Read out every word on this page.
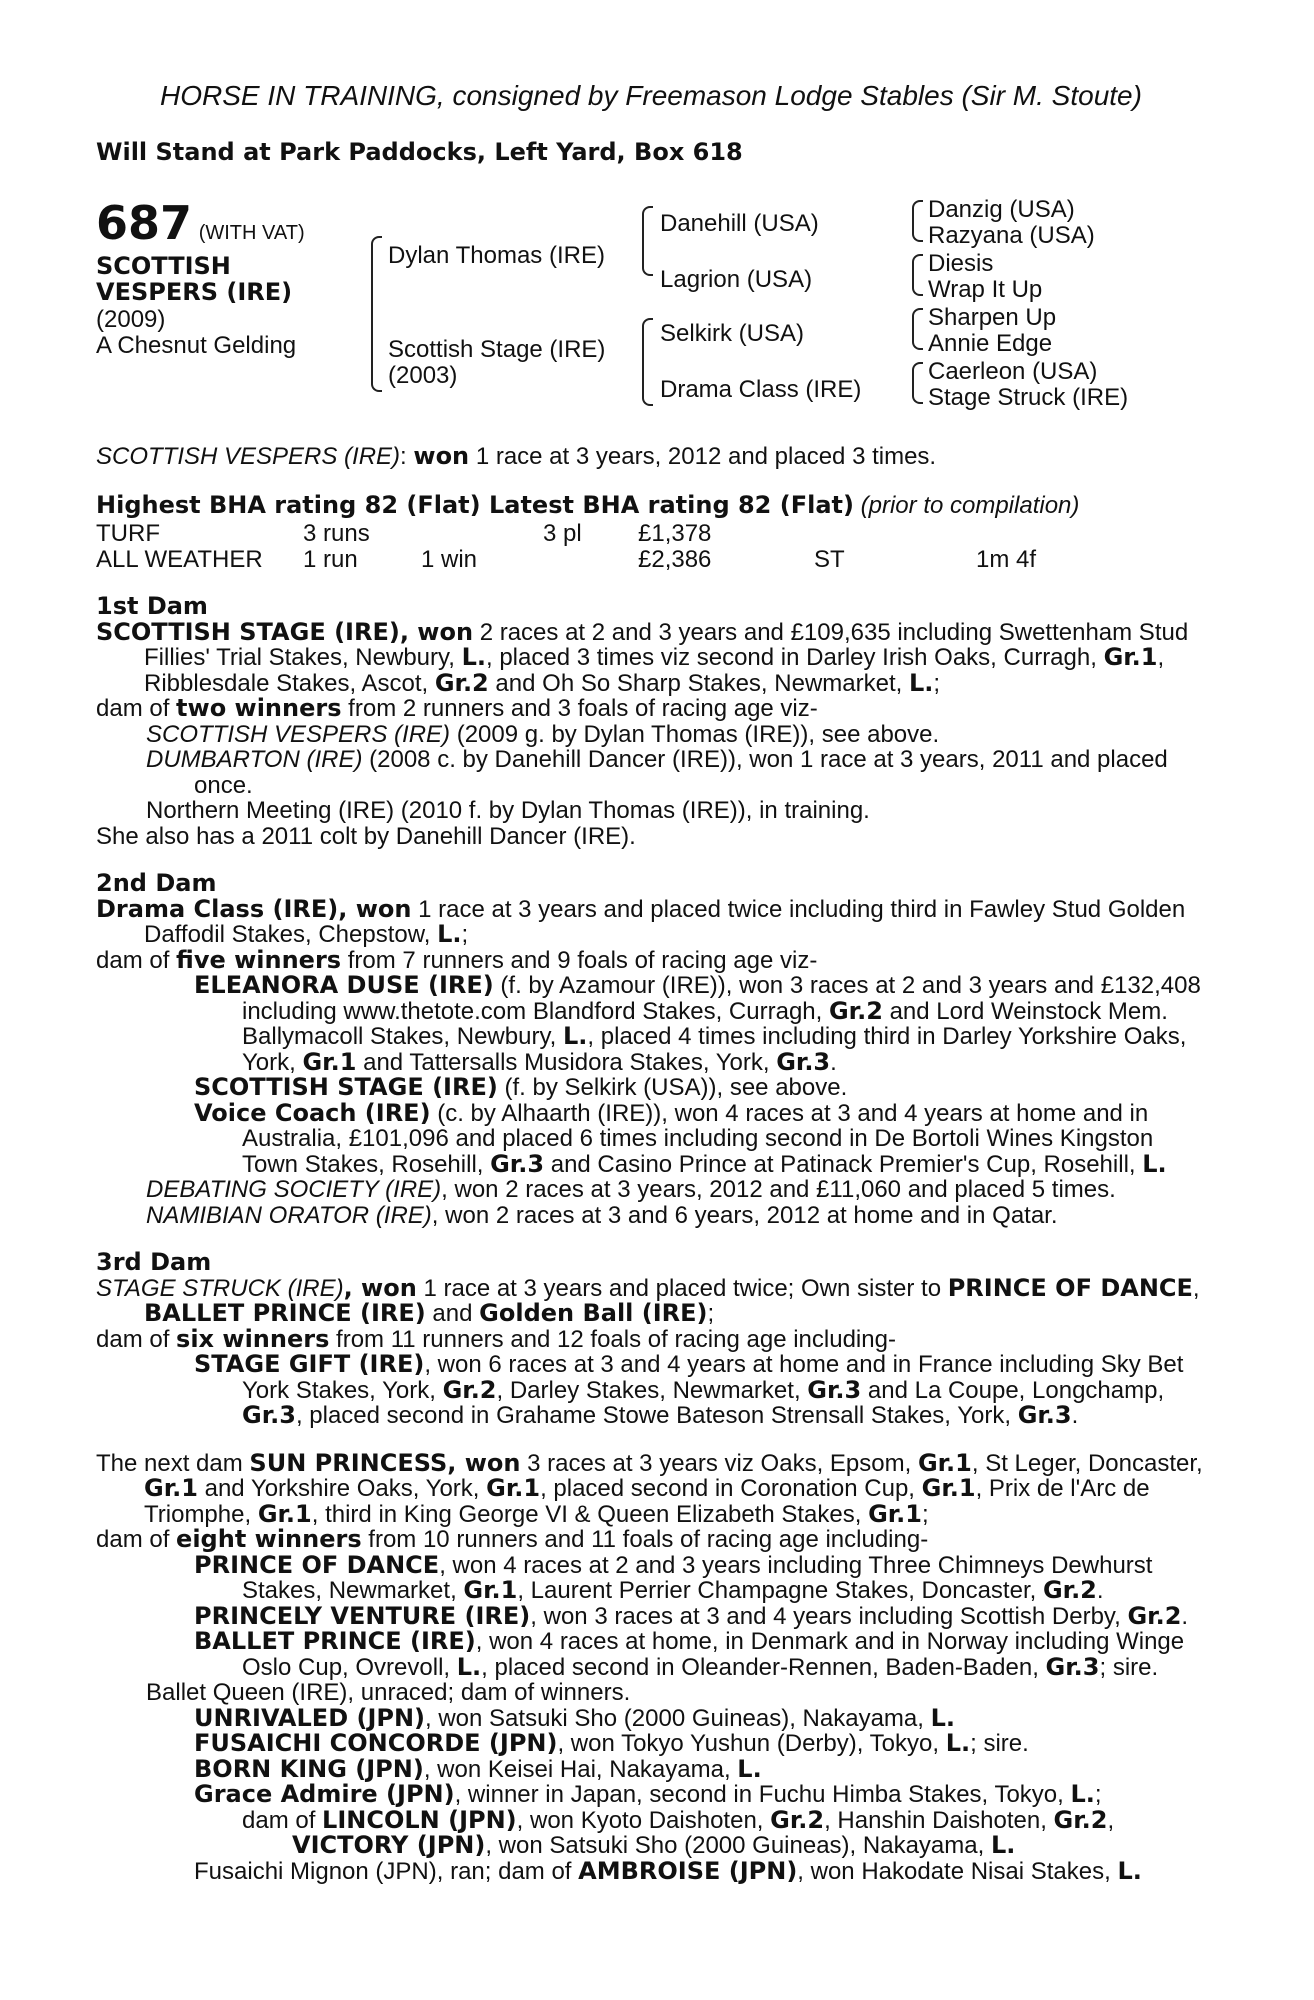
HORSE IN TRAINING, consigned by Freemason Lodge Stables (Sir M. Stoute)
Will Stand at Park Paddocks, Left Yard, Box 618
687 (WITH VAT)
SCOTTISH
VESPERS (IRE)
(2009)
A Chesnut Gelding
Dylan Thomas (IRE)
Scottish Stage (IRE)
(2003)
Danehill (USA)
Lagrion (USA)
Selkirk (USA)
Drama Class (IRE)
Danzig (USA)
Razyana (USA)
Diesis
Wrap It Up
Sharpen Up
Annie Edge
Caerleon (USA)
Stage Struck (IRE)
SCOTTISH VESPERS (IRE): won 1 race at 3 years, 2012 and placed 3 times.
Highest BHA rating 82 (Flat) Latest BHA rating 82 (Flat) (prior to compilation)
TURF	3 runs	3 pl £1,378
ALL WEATHER 1 run	1 win	£2,386	ST	1m 4f
1st Dam

SCOTTISH STAGE (IRE), won 2 races at 2 and 3 years and £109,635 including Swettenham Stud Fillies' Trial Stakes, Newbury, L., placed 3 times viz second in Darley Irish Oaks, Curragh, Gr.1, Ribblesdale Stakes, Ascot, Gr.2 and Oh So Sharp Stakes, Newmarket, L.;

dam of two winners from 2 runners and 3 foals of racing age viz-

SCOTTISH VESPERS (IRE) (2009 g. by Dylan Thomas (IRE)), see above.

DUMBARTON (IRE) (2008 c. by Danehill Dancer (IRE)), won 1 race at 3 years, 2011 and placed once.

Northern Meeting (IRE) (2010 f. by Dylan Thomas (IRE)), in training.

She also has a 2011 colt by Danehill Dancer (IRE).

2nd Dam

Drama Class (IRE), won 1 race at 3 years and placed twice including third in Fawley Stud Golden Daffodil Stakes, Chepstow, L.;

dam of five winners from 7 runners and 9 foals of racing age viz-

ELEANORA DUSE (IRE) (f. by Azamour (IRE)), won 3 races at 2 and 3 years and £132,408 including www.thetote.com Blandford Stakes, Curragh, Gr.2 and Lord Weinstock Mem. Ballymacoll Stakes, Newbury, L., placed 4 times including third in Darley Yorkshire Oaks, York, Gr.1 and Tattersalls Musidora Stakes, York, Gr.3.

SCOTTISH STAGE (IRE) (f. by Selkirk (USA)), see above.

Voice Coach (IRE) (c. by Alhaarth (IRE)), won 4 races at 3 and 4 years at home and in Australia, £101,096 and placed 6 times including second in De Bortoli Wines Kingston Town Stakes, Rosehill, Gr.3 and Casino Prince at Patinack Premier's Cup, Rosehill, L.

DEBATING SOCIETY (IRE), won 2 races at 3 years, 2012 and £11,060 and placed 5 times.

NAMIBIAN ORATOR (IRE), won 2 races at 3 and 6 years, 2012 at home and in Qatar.

3rd Dam

STAGE STRUCK (IRE), won 1 race at 3 years and placed twice; Own sister to PRINCE OF DANCE, BALLET PRINCE (IRE) and Golden Ball (IRE);

dam of six winners from 11 runners and 12 foals of racing age including-

STAGE GIFT (IRE), won 6 races at 3 and 4 years at home and in France including Sky Bet York Stakes, York, Gr.2, Darley Stakes, Newmarket, Gr.3 and La Coupe, Longchamp, Gr.3, placed second in Grahame Stowe Bateson Strensall Stakes, York, Gr.3.

The next dam SUN PRINCESS, won 3 races at 3 years viz Oaks, Epsom, Gr.1, St Leger, Doncaster, Gr.1 and Yorkshire Oaks, York, Gr.1, placed second in Coronation Cup, Gr.1, Prix de l'Arc de Triomphe, Gr.1, third in King George VI & Queen Elizabeth Stakes, Gr.1;

dam of eight winners from 10 runners and 11 foals of racing age including-

PRINCE OF DANCE, won 4 races at 2 and 3 years including Three Chimneys Dewhurst Stakes, Newmarket, Gr.1, Laurent Perrier Champagne Stakes, Doncaster, Gr.2.

PRINCELY VENTURE (IRE), won 3 races at 3 and 4 years including Scottish Derby, Gr.2.

BALLET PRINCE (IRE), won 4 races at home, in Denmark and in Norway including Winge Oslo Cup, Ovrevoll, L., placed second in Oleander-Rennen, Baden-Baden, Gr.3; sire.

Ballet Queen (IRE), unraced; dam of winners.

UNRIVALED (JPN), won Satsuki Sho (2000 Guineas), Nakayama, L.

FUSAICHI CONCORDE (JPN), won Tokyo Yushun (Derby), Tokyo, L.; sire.

BORN KING (JPN), won Keisei Hai, Nakayama, L.

Grace Admire (JPN), winner in Japan, second in Fuchu Himba Stakes, Tokyo, L.;

dam of LINCOLN (JPN), won Kyoto Daishoten, Gr.2, Hanshin Daishoten, Gr.2,

VICTORY (JPN), won Satsuki Sho (2000 Guineas), Nakayama, L.

Fusaichi Mignon (JPN), ran; dam of AMBROISE (JPN), won Hakodate Nisai Stakes, L.
